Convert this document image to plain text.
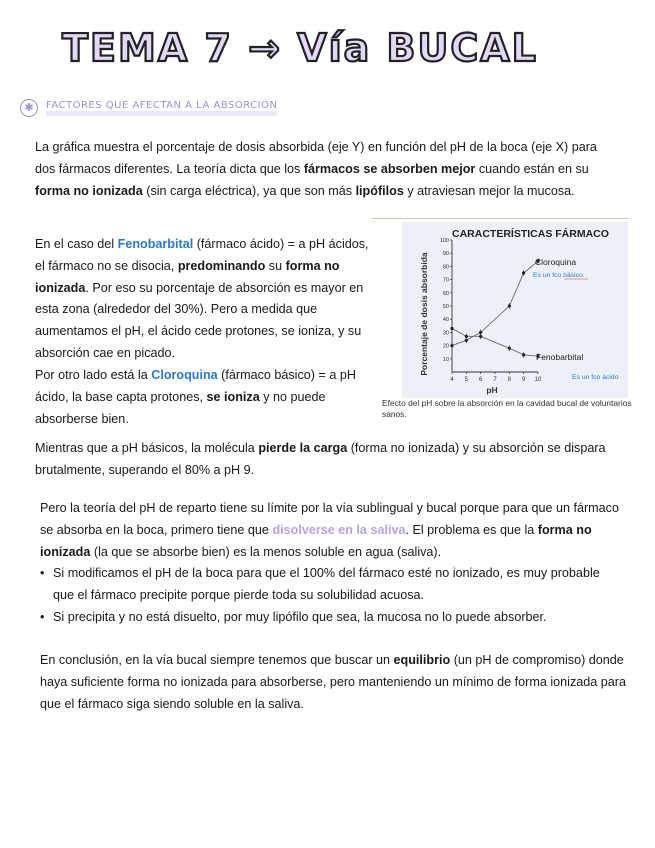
TEMA 7 → Vía BUCAL
✱	FACTORES QUE AFECTAN A LA ABSORCIÓN
La gráfica muestra el porcentaje de dosis absorbida (eje Y) en función del pH de la boca (eje X) para dos fármacos diferentes. La teoría dicta que los fármacos se absorben mejor cuando están en su forma no ionizada (sin carga eléctrica), ya que son más lipófilos y atraviesan mejor la mucosa.
En el caso del Fenobarbital (fármaco ácido) = a pH ácidos, el fármaco no se disocia, predominando su forma no ionizada. Por eso su porcentaje de absorción es mayor en esta zona (alrededor del 30%). Pero a medida que aumentamos el pH, el ácido cede protones, se ioniza, y su absorción cae en picado.
Por otro lado está la Cloroquina (fármaco básico) = a pH ácido, la base capta protones, se ioniza y no puede absorberse bien.
CARACTERÍSTICAS FÁRMACO
Porcentaje de dosis absorbida
pH
4 5 6 7 8 9 10
10
20
30
40
50
60
70
80
90
100
Cloroquina
Es un fco básico
Fenobarbital
Es un fco ácido
Efecto del pH sobre la absorción en la cavidad bucal de voluntarios sanos.
Mientras que a pH básicos, la molécula pierde la carga (forma no ionizada) y su absorción se dispara brutalmente, superando el 80% a pH 9.
Pero la teoría del pH de reparto tiene su límite por la vía sublingual y bucal porque para que un fármaco se absorba en la boca, primero tiene que disolverse en la saliva. El problema es que la forma no ionizada (la que se absorbe bien) es la menos soluble en agua (saliva).
• Si modificamos el pH de la boca para que el 100% del fármaco esté no ionizado, es muy probable que el fármaco precipite porque pierde toda su solubilidad acuosa.
• Si precipita y no está disuelto, por muy lipófilo que sea, la mucosa no lo puede absorber.
En conclusión, en la vía bucal siempre tenemos que buscar un equilibrio (un pH de compromiso) donde haya suficiente forma no ionizada para absorberse, pero manteniendo un mínimo de forma ionizada para que el fármaco siga siendo soluble en la saliva.
